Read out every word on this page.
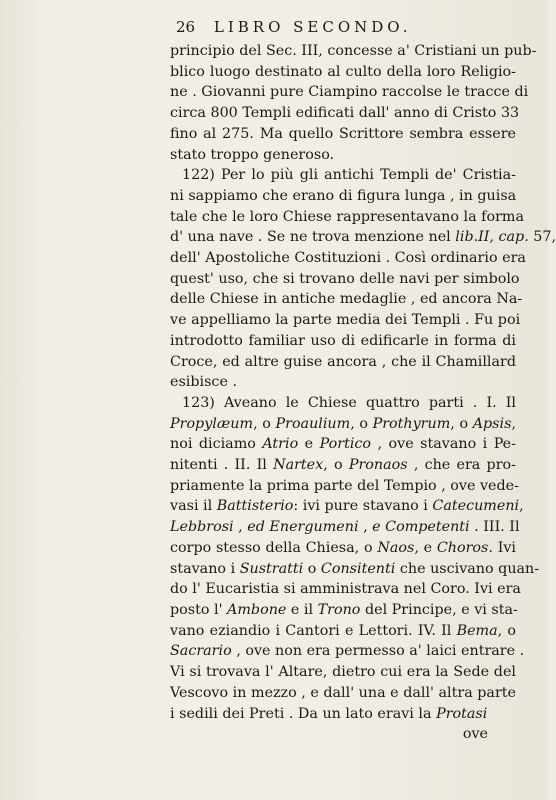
26 LIBRO SECONDO.
principio del Sec. III, concesse a' Cristiani un pub-
blico luogo destinato al culto della loro Religio-
ne . Giovanni pure Ciampino raccolse le tracce di
circa 800 Templi edificati dall' anno di Cristo 33
fino al 275. Ma quello Scrittore sembra essere
stato troppo generoso.
122) Per lo più gli antichi Templi de' Cristia-
ni sappiamo che erano di figura lunga , in guisa
tale che le loro Chiese rappresentavano la forma
d' una nave . Se ne trova menzione nel lib.II, cap. 57,
dell' Apostoliche Costituzioni . Così ordinario era
quest' uso, che si trovano delle navi per simbolo
delle Chiese in antiche medaglie , ed ancora Na-
ve appelliamo la parte media dei Templi . Fu poi
introdotto familiar uso di edificarle in forma di
Croce, ed altre guise ancora , che il Chamillard
esibisce .
123) Aveano le Chiese quattro parti . I. Il
Propylæum, o Proaulium, o Prothyrum, o Apsis,
noi diciamo Atrio e Portico , ove stavano i Pe-
nitenti . II. Il Nartex, o Pronaos , che era pro-
priamente la prima parte del Tempio , ove vede-
vasi il Battisterio: ivi pure stavano i Catecumeni,
Lebbrosi , ed Energumeni , e Competenti . III. Il
corpo stesso della Chiesa, o Naos, e Choros. Ivi
stavano i Sustratti o Consitenti che uscivano quan-
do l' Eucaristia si amministrava nel Coro. Ivi era
posto l' Ambone e il Trono del Principe, e vi sta-
vano eziandio i Cantori e Lettori. IV. Il Bema, o
Sacrario , ove non era permesso a' laici entrare .
Vi si trovava l' Altare, dietro cui era la Sede del
Vescovo in mezzo , e dall' una e dall' altra parte
i sedili dei Preti . Da un lato eravi la Protasi
ove
